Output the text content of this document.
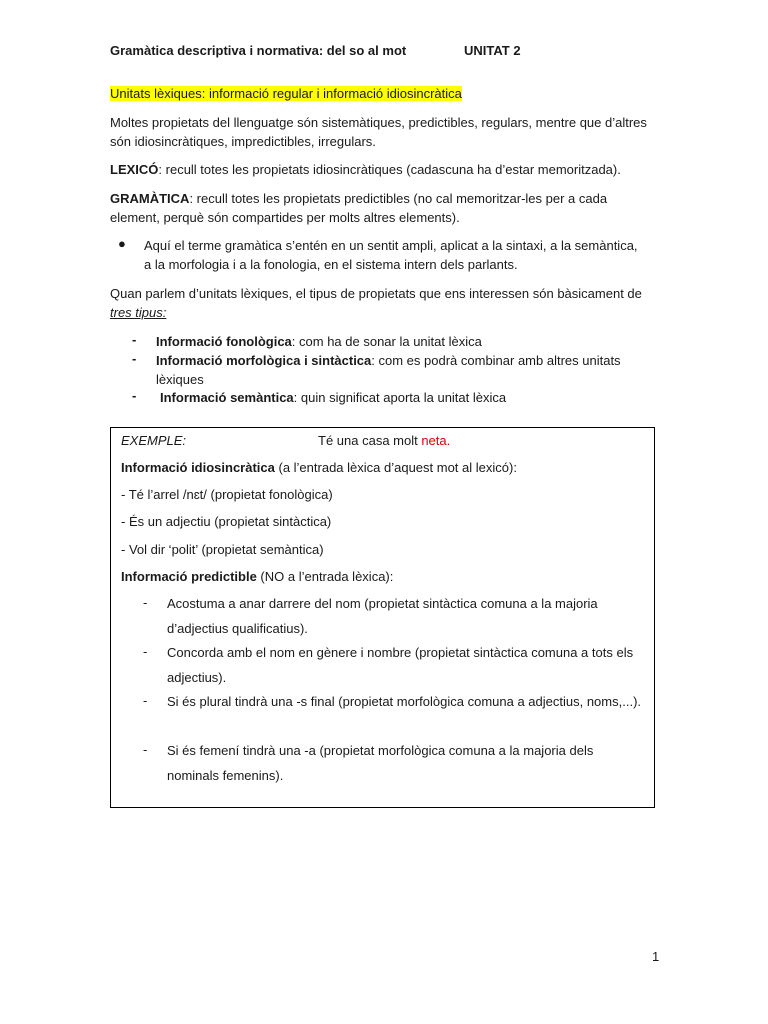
Gramàtica descriptiva i normativa: del so al mot	UNITAT 2

Unitats lèxiques: informació regular i informació idiosincràtica

Moltes propietats del llenguatge són sistemàtiques, predictibles, regulars, mentre que d’altres són idiosincràtiques, impredictibles, irregulars.

LEXICÓ: recull totes les propietats idiosincràtiques (cadascuna ha d’estar memoritzada).

GRAMÀTICA: recull totes les propietats predictibles (no cal memoritzar-les per a cada element, perquè són compartides per molts altres elements).

● Aquí el terme gramàtica s’entén en un sentit ampli, aplicat a la sintaxi, a la semàntica, a la morfologia i a la fonologia, en el sistema intern dels parlants.

Quan parlem d’unitats lèxiques, el tipus de propietats que ens interessen són bàsicament de tres tipus:

- Informació fonològica: com ha de sonar la unitat lèxica

- Informació morfològica i sintàctica: com es podrà combinar amb altres unitats lèxiques

- Informació semàntica: quin significat aporta la unitat lèxica

EXEMPLE:	Té una casa molt neta.
Informació idiosincràtica (a l’entrada lèxica d’aquest mot al lexicó):
- Té l’arrel /nɛt/ (propietat fonològica)
- És un adjectiu (propietat sintàctica)
- Vol dir ‘polit’ (propietat semàntica)
Informació predictible (NO a l’entrada lèxica):
- Acostuma a anar darrere del nom (propietat sintàctica comuna a la majoria d’adjectius qualificatius).
- Concorda amb el nom en gènere i nombre (propietat sintàctica comuna a tots els adjectius).
- Si és plural tindrà una -s final (propietat morfològica comuna a adjectius, noms,...).
- Si és femení tindrà una -a (propietat morfològica comuna a la majoria dels nominals femenins).
1
